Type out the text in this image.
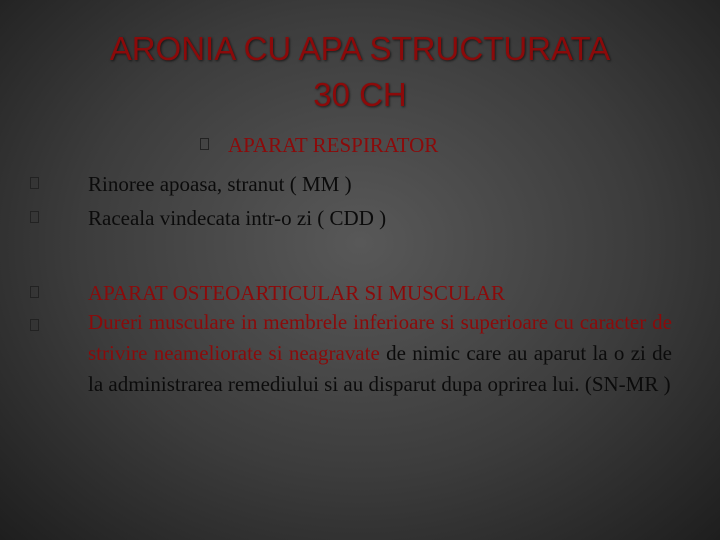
ARONIA CU APA STRUCTURATA
30 CH
APARAT RESPIRATOR
Rinoree apoasa, stranut ( MM )
Raceala vindecata intr-o zi ( CDD )
APARAT OSTEOARTICULAR SI MUSCULAR
Dureri musculare in membrele inferioare si superioare cu caracter de strivire neameliorate si neagravate de nimic care au aparut la o zi de la administrarea remediului si au disparut dupa oprirea lui. (SN-MR )
